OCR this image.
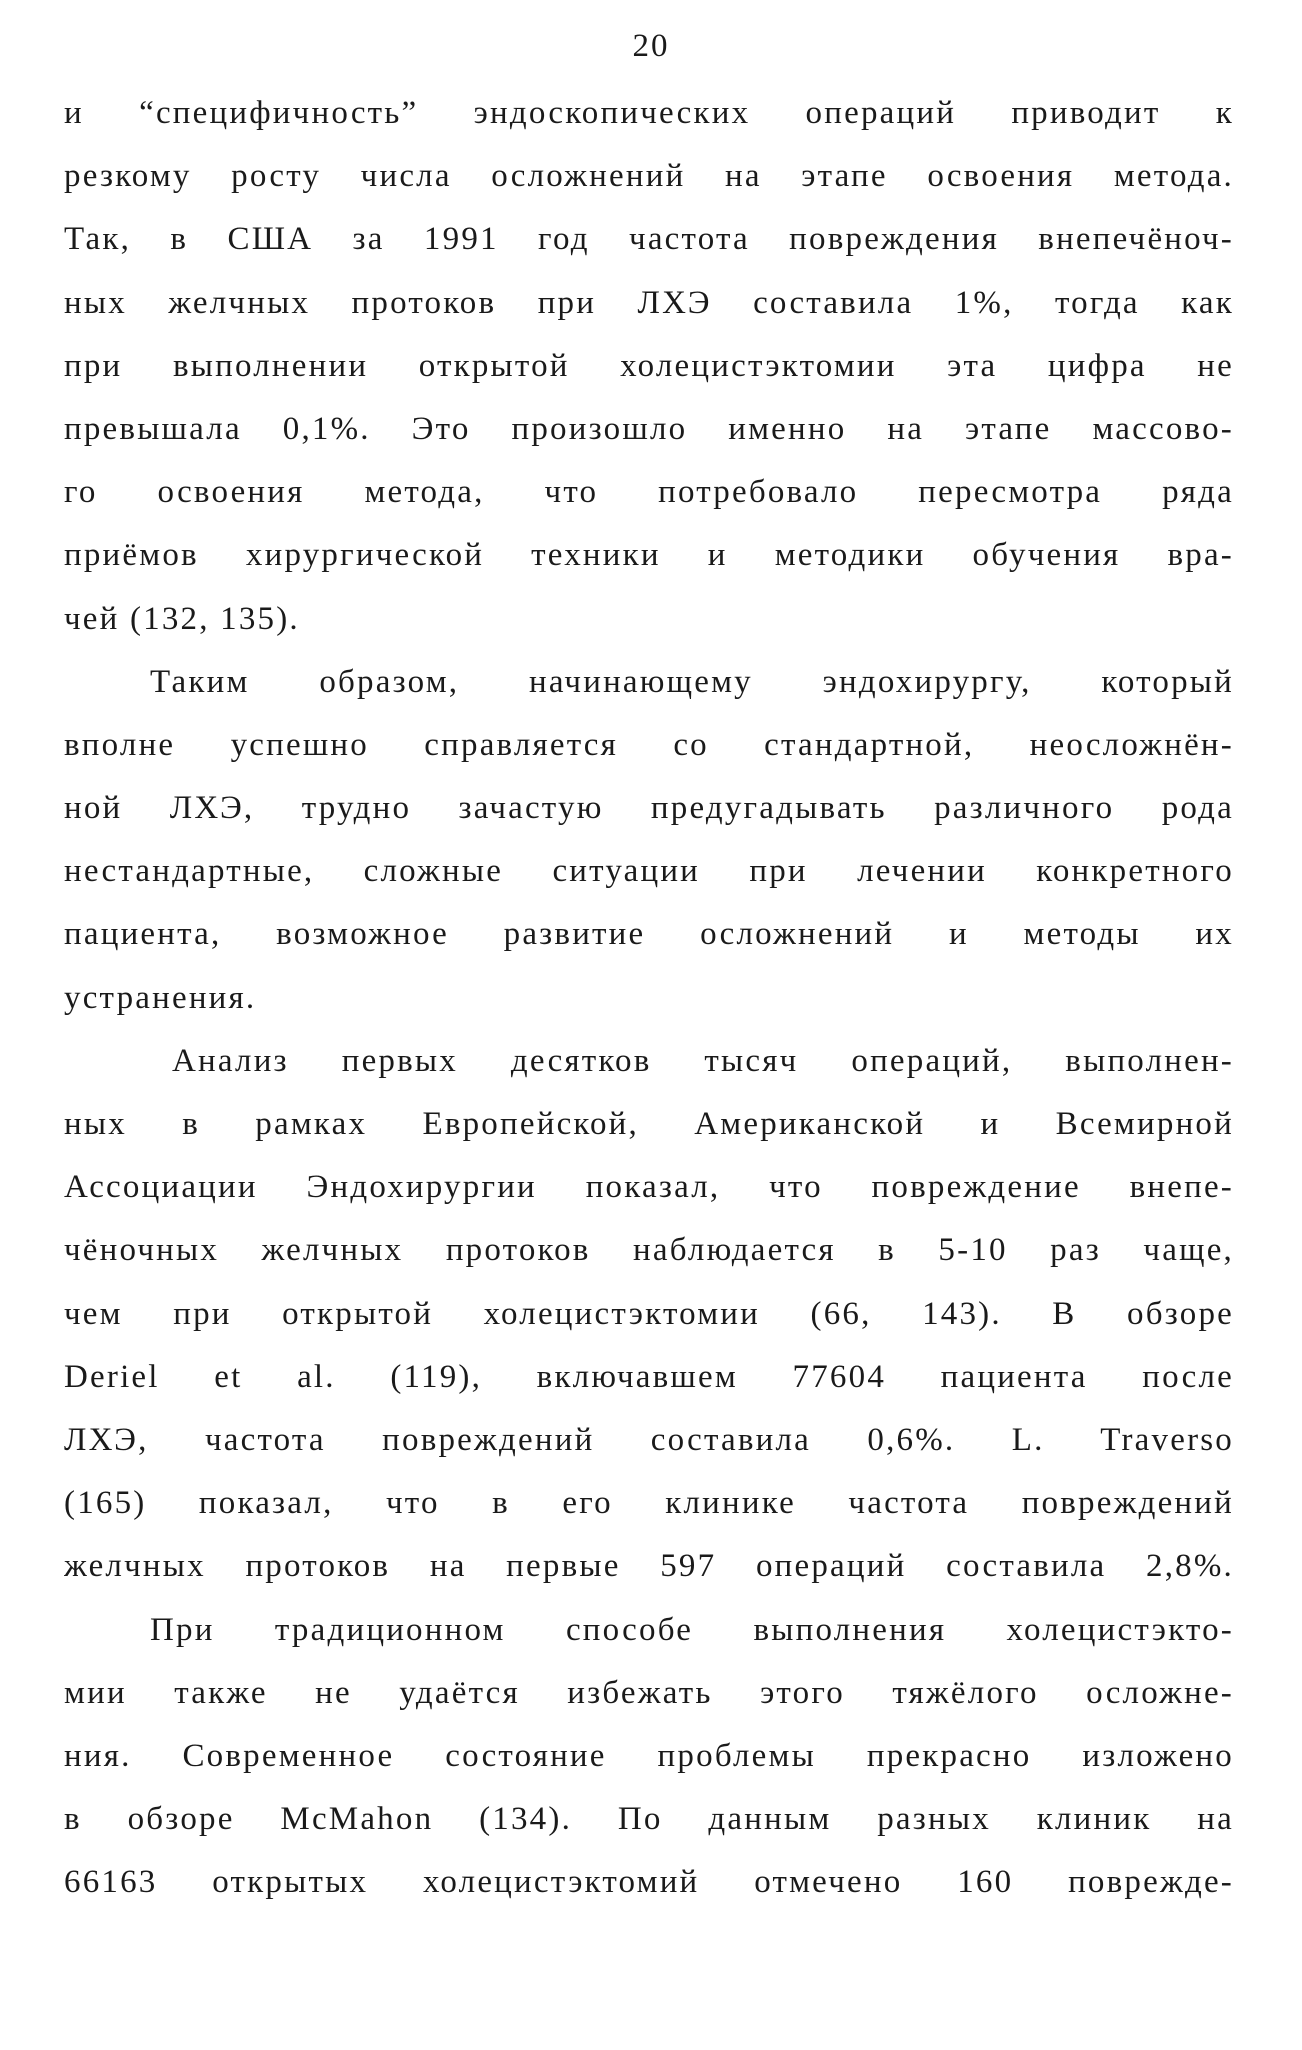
20
и “специфичность” эндоскопических операций приводит к
резкому росту числа осложнений на этапе освоения метода.
Так, в США за 1991 год частота повреждения внепечёноч-
ных желчных протоков при ЛХЭ составила 1%, тогда как
при выполнении открытой холецистэктомии эта цифра не
превышала 0,1%. Это произошло именно на этапе массово-
го освоения метода, что потребовало пересмотра ряда
приёмов хирургической техники и методики обучения вра-
чей (132, 135).
Таким образом, начинающему эндохирургу, который
вполне успешно справляется со стандартной, неосложнён-
ной ЛХЭ, трудно зачастую предугадывать различного рода
нестандартные, сложные ситуации при лечении конкретного
пациента, возможное развитие осложнений и методы их
устранения.
Анализ первых десятков тысяч операций, выполнен-
ных в рамках Европейской, Американской и Всемирной
Ассоциации Эндохирургии показал, что повреждение внепе-
чёночных желчных протоков наблюдается в 5-10 раз чаще,
чем при открытой холецистэктомии (66, 143). В обзоре
Deriel et al. (119), включавшем 77604 пациента после
ЛХЭ, частота повреждений составила 0,6%. L. Traverso
(165) показал, что в его клинике частота повреждений
желчных протоков на первые 597 операций составила 2,8%.
При традиционном способе выполнения холецистэкто-
мии также не удаётся избежать этого тяжёлого осложне-
ния. Современное состояние проблемы прекрасно изложено
в обзоре McMahon (134). По данным разных клиник на
66163 открытых холецистэктомий отмечено 160 поврежде-
